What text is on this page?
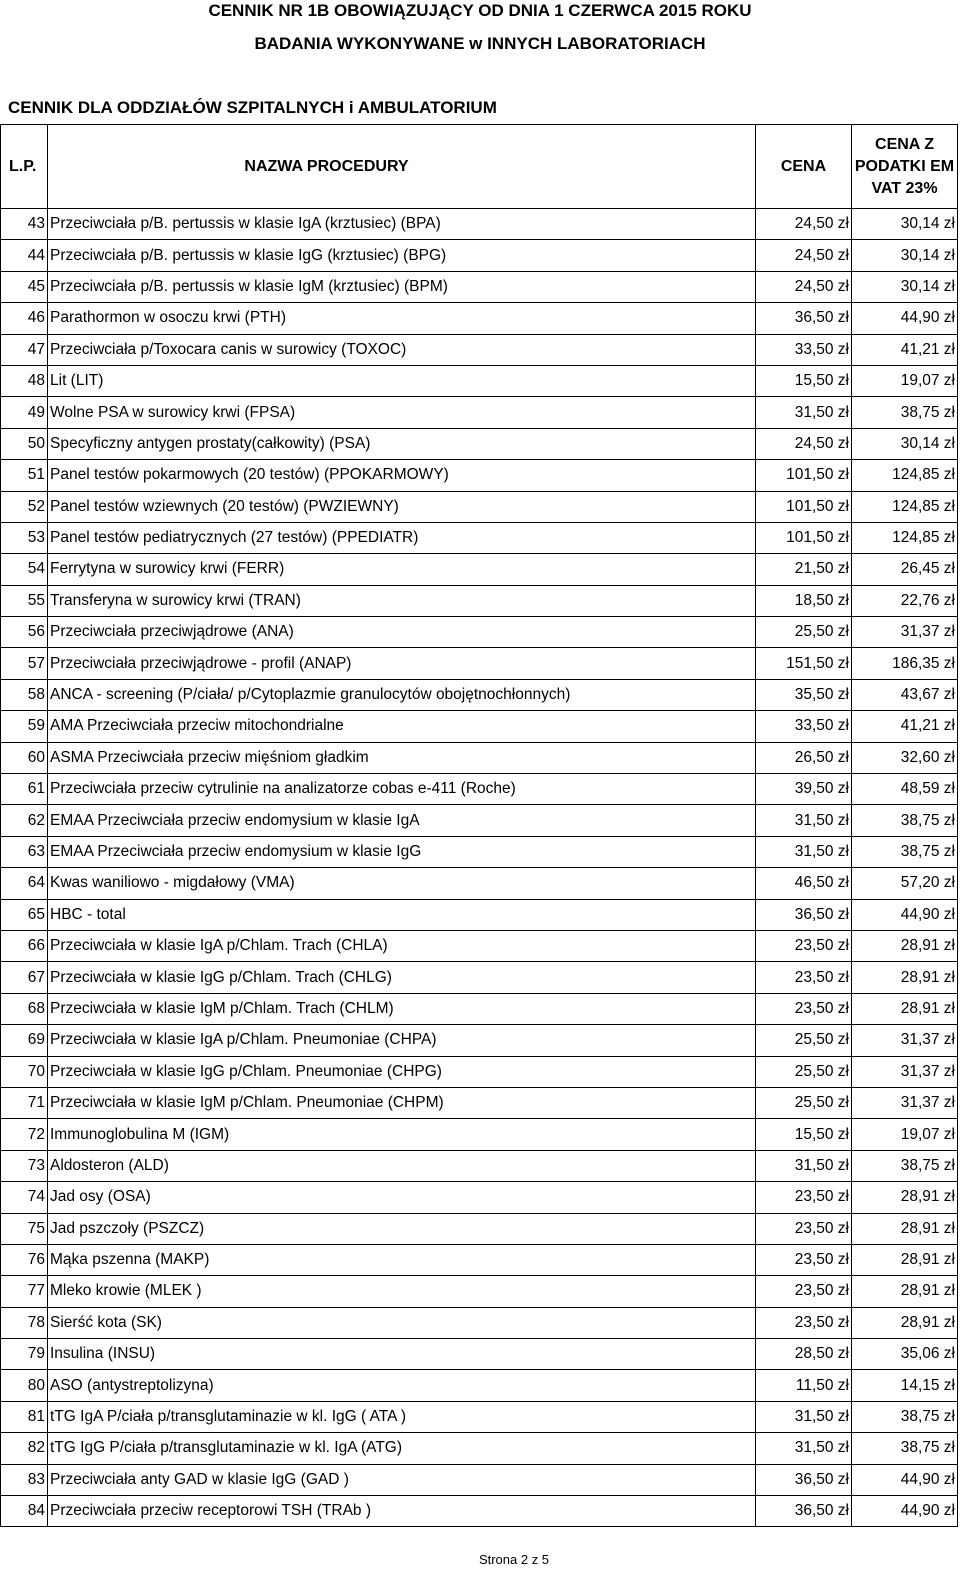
CENNIK NR 1B OBOWIĄZUJĄCY OD DNIA 1 CZERWCA 2015 ROKU
BADANIA WYKONYWANE w INNYCH LABORATORIACH
CENNIK DLA ODDZIAŁÓW SZPITALNYCH i AMBULATORIUM
L.P.	NAZWA PROCEDURY	CENA	CENA Z PODATKI EM VAT 23%
43	Przeciwciała p/B. pertussis w klasie IgA (krztusiec) (BPA)	24,50 zł	30,14 zł
44	Przeciwciała p/B. pertussis w klasie IgG (krztusiec) (BPG)	24,50 zł	30,14 zł
45	Przeciwciała p/B. pertussis w klasie IgM (krztusiec) (BPM)	24,50 zł	30,14 zł
46	Parathormon w osoczu krwi (PTH)	36,50 zł	44,90 zł
47	Przeciwciała p/Toxocara canis w surowicy (TOXOC)	33,50 zł	41,21 zł
48	Lit (LIT)	15,50 zł	19,07 zł
49	Wolne PSA w surowicy krwi (FPSA)	31,50 zł	38,75 zł
50	Specyficzny antygen prostaty(całkowity) (PSA)	24,50 zł	30,14 zł
51	Panel testów pokarmowych (20 testów) (PPOKARMOWY)	101,50 zł	124,85 zł
52	Panel testów wziewnych (20 testów) (PWZIEWNY)	101,50 zł	124,85 zł
53	Panel testów pediatrycznych (27 testów) (PPEDIATR)	101,50 zł	124,85 zł
54	Ferrytyna w surowicy krwi (FERR)	21,50 zł	26,45 zł
55	Transferyna w surowicy krwi (TRAN)	18,50 zł	22,76 zł
56	Przeciwciała przeciwjądrowe (ANA)	25,50 zł	31,37 zł
57	Przeciwciała przeciwjądrowe - profil (ANAP)	151,50 zł	186,35 zł
58	ANCA - screening (P/ciała/ p/Cytoplazmie granulocytów obojętnochłonnych)	35,50 zł	43,67 zł
59	AMA Przeciwciała przeciw mitochondrialne	33,50 zł	41,21 zł
60	ASMA Przeciwciała przeciw mięśniom gładkim	26,50 zł	32,60 zł
61	Przeciwciała przeciw cytrulinie na analizatorze cobas e-411 (Roche)	39,50 zł	48,59 zł
62	EMAA Przeciwciała przeciw endomysium w klasie IgA	31,50 zł	38,75 zł
63	EMAA Przeciwciała przeciw endomysium w klasie IgG	31,50 zł	38,75 zł
64	Kwas waniliowo - migdałowy (VMA)	46,50 zł	57,20 zł
65	HBC - total	36,50 zł	44,90 zł
66	Przeciwciała w klasie IgA p/Chlam. Trach (CHLA)	23,50 zł	28,91 zł
67	Przeciwciała w klasie IgG p/Chlam. Trach (CHLG)	23,50 zł	28,91 zł
68	Przeciwciała w klasie IgM p/Chlam. Trach (CHLM)	23,50 zł	28,91 zł
69	Przeciwciała w klasie IgA p/Chlam. Pneumoniae (CHPA)	25,50 zł	31,37 zł
70	Przeciwciała w klasie IgG p/Chlam. Pneumoniae (CHPG)	25,50 zł	31,37 zł
71	Przeciwciała w klasie IgM p/Chlam. Pneumoniae (CHPM)	25,50 zł	31,37 zł
72	Immunoglobulina M (IGM)	15,50 zł	19,07 zł
73	Aldosteron (ALD)	31,50 zł	38,75 zł
74	Jad osy (OSA)	23,50 zł	28,91 zł
75	Jad pszczoły (PSZCZ)	23,50 zł	28,91 zł
76	Mąka pszenna (MAKP)	23,50 zł	28,91 zł
77	Mleko krowie (MLEK )	23,50 zł	28,91 zł
78	Sierść kota (SK)	23,50 zł	28,91 zł
79	Insulina (INSU)	28,50 zł	35,06 zł
80	ASO (antystreptolizyna)	11,50 zł	14,15 zł
81	tTG IgA P/ciała p/transglutaminazie w kl. IgG ( ATA )	31,50 zł	38,75 zł
82	tTG IgG P/ciała p/transglutaminazie w kl. IgA (ATG)	31,50 zł	38,75 zł
83	Przeciwciała anty GAD w klasie IgG (GAD )	36,50 zł	44,90 zł
84	Przeciwciała przeciw receptorowi TSH (TRAb )	36,50 zł	44,90 zł
Strona 2 z 5
